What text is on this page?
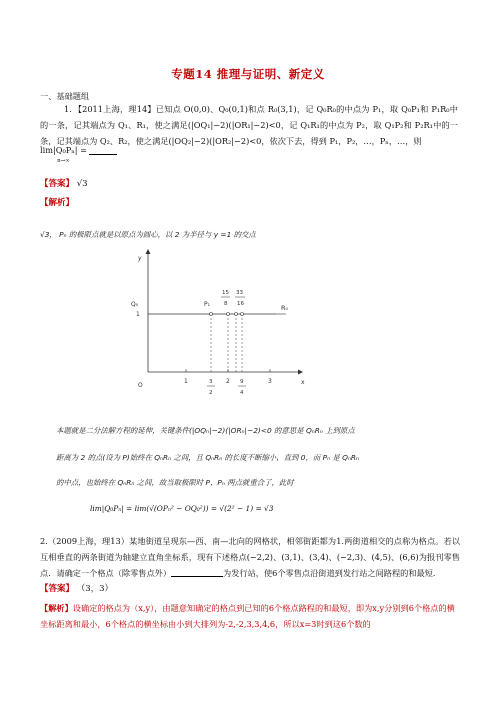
专题14 推理与证明、新定义
一、基础题组
1．【2011上海，理14】已知点 O(0,0)、Q₀(0,1)和点 R₀(3,1)，记 Q₀R₀的中点为 P₁，取 Q₀P₁和 P₁R₀中的一条，记其端点为 Q₁、R₁，使之满足(|OQ₁|−2)(|OR₁|−2)<0，记 Q₁R₁的中点为 P₂，取 Q₁P₂和 P₂R₁中的一条，记其端点为 Q₂、R₂，使之满足(|OQ₂|−2)(|OR₂|−2)<0，依次下去，得到 P₁，P₂，…，Pₙ，…，则
lim|Q₀Pₙ| =
n→∞
【答案】 √3
【解析】
√3， Pₙ 的极限点就是以原点为圆心，以 2 为半径与 y =1 的交点
y
x
1
Q₀	R₀
O
P₁
15 33
8 16
1	2	3
3
2
9
4
本题就是二分法解方程的延伸，关键条件(|OQₙ|−2)(|ORₙ|−2)<0 的意思是 QₙRₙ 上到原点
距离为 2 的点(设为 P)始终在 QₙRₙ 之间，且 QₙRₙ 的长度不断缩小，直到 0，而 Pₙ 是 QₙRₙ
的中点，也始终在 QₙRₙ 之间，故当取极限时 P、Pₙ 两点就重合了，此时
lim|Q₀Pₙ| = lim(√(OPₙ² − OQ₀²)) = √(2² − 1) = √3
2.（2009上海，理13）某地街道呈现东—西、南—北向的网格状，相邻街距都为1.两街道相交的点称为格点。若以互相垂直的两条街道为轴建立直角坐标系，现有下述格点(−2,2)、(3,1)、(3,4)、(−2,3)、(4,5)、(6,6)为报刊零售点．请确定一个格点（除零售点外）	为发行站，使6个零售点沿街道到发行站之间路程的和最短．
【答案】 （3，3）
【解析】设确定的格点为（x,y），由题意知确定的格点到已知的6个格点路程的和最短，即为x,y分别到6个格点的横坐标距离和最小，6个格点的横坐标由小到大排列为-2,-2,3,3,4,6，所以x=3时到这6个数的
